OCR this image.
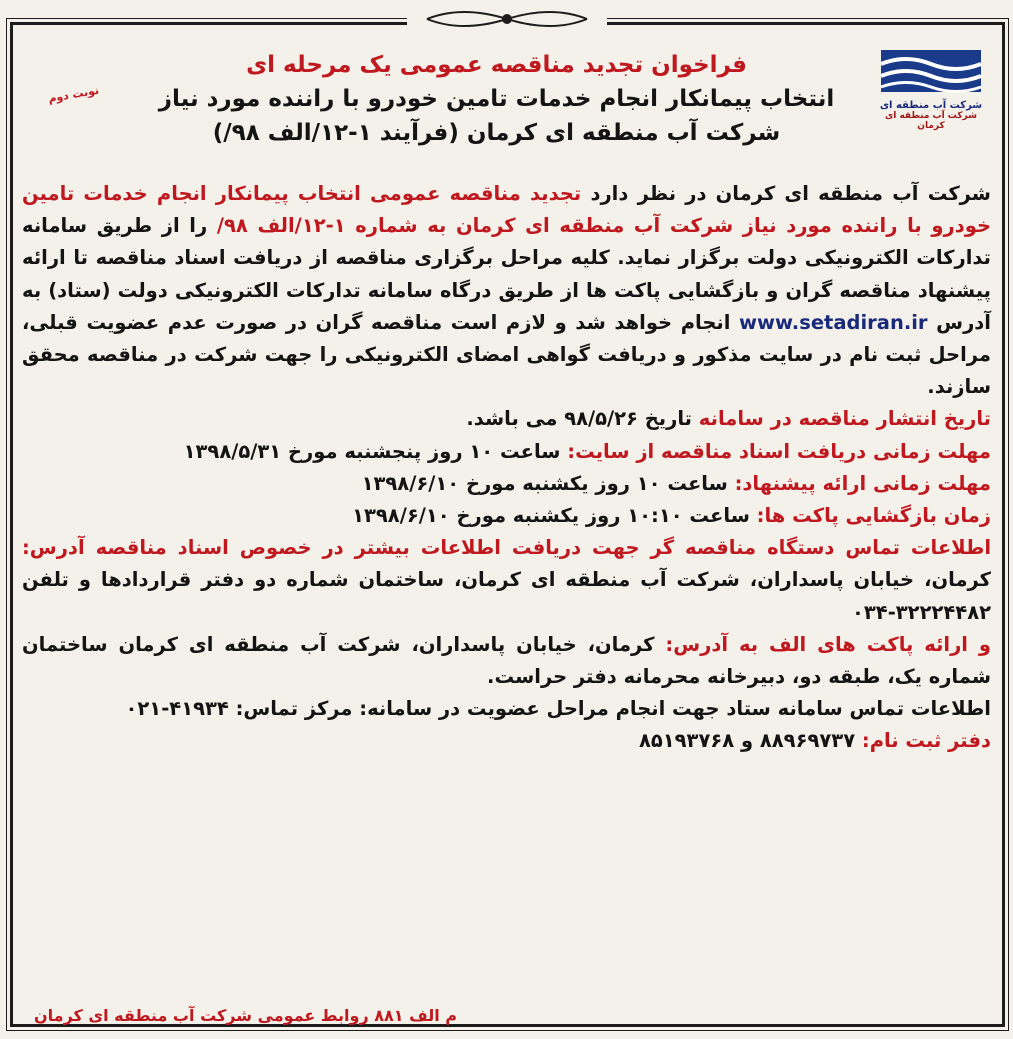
شرکت آب منطقه ای
شرکت آب منطقه ای کرمان
نوبت دوم
فراخوان تجدید مناقصه عمومی یک مرحله ای
انتخاب پیمانکار انجام خدمات تامین خودرو با راننده مورد نیاز
شرکت آب منطقه ای کرمان (فرآیند ۱-۱۲/الف ۹۸/)

شرکت آب منطقه ای کرمان در نظر دارد تجدید مناقصه عمومی انتخاب پیمانکار انجام خدمات تامین خودرو با راننده مورد نیاز شرکت آب منطقه ای کرمان به شماره ۱-۱۲/الف ۹۸/ را از طریق سامانه تدارکات الکترونیکی دولت برگزار نماید. کلیه مراحل برگزاری مناقصه از دریافت اسناد مناقصه تا ارائه پیشنهاد مناقصه گران و بازگشایی پاکت ها از طریق درگاه سامانه تدارکات الکترونیکی دولت (ستاد) به آدرس www.setadiran.ir انجام خواهد شد و لازم است مناقصه گران در صورت عدم عضویت قبلی، مراحل ثبت نام در سایت مذکور و دریافت گواهی امضای الکترونیکی را جهت شرکت در مناقصه محقق سازند.

تاریخ انتشار مناقصه در سامانه تاریخ ۹۸/۵/۲۶ می باشد.

مهلت زمانی دریافت اسناد مناقصه از سایت: ساعت ۱۰ روز پنجشنبه مورخ ۱۳۹۸/۵/۳۱

مهلت زمانی ارائه پیشنهاد: ساعت ۱۰ روز یکشنبه مورخ ۱۳۹۸/۶/۱۰

زمان بازگشایی پاکت ها: ساعت ۱۰:۱۰ روز یکشنبه مورخ ۱۳۹۸/۶/۱۰

اطلاعات تماس دستگاه مناقصه گر جهت دریافت اطلاعات بیشتر در خصوص اسناد مناقصه آدرس: کرمان، خیابان پاسداران، شرکت آب منطقه ای کرمان، ساختمان شماره دو دفتر قراردادها و تلفن ۳۲۲۲۴۴۸۲-۰۳۴

و ارائه پاکت های الف به آدرس: کرمان، خیابان پاسداران، شرکت آب منطقه ای کرمان ساختمان شماره یک، طبقه دو، دبیرخانه محرمانه دفتر حراست.

اطلاعات تماس سامانه ستاد جهت انجام مراحل عضویت در سامانه: مرکز تماس: ۴۱۹۳۴-۰۲۱

دفتر ثبت نام: ۸۸۹۶۹۷۳۷ و ۸۵۱۹۳۷۶۸

م الف ۸۸۱ روابط عمومی شرکت آب منطقه ای کرمان
